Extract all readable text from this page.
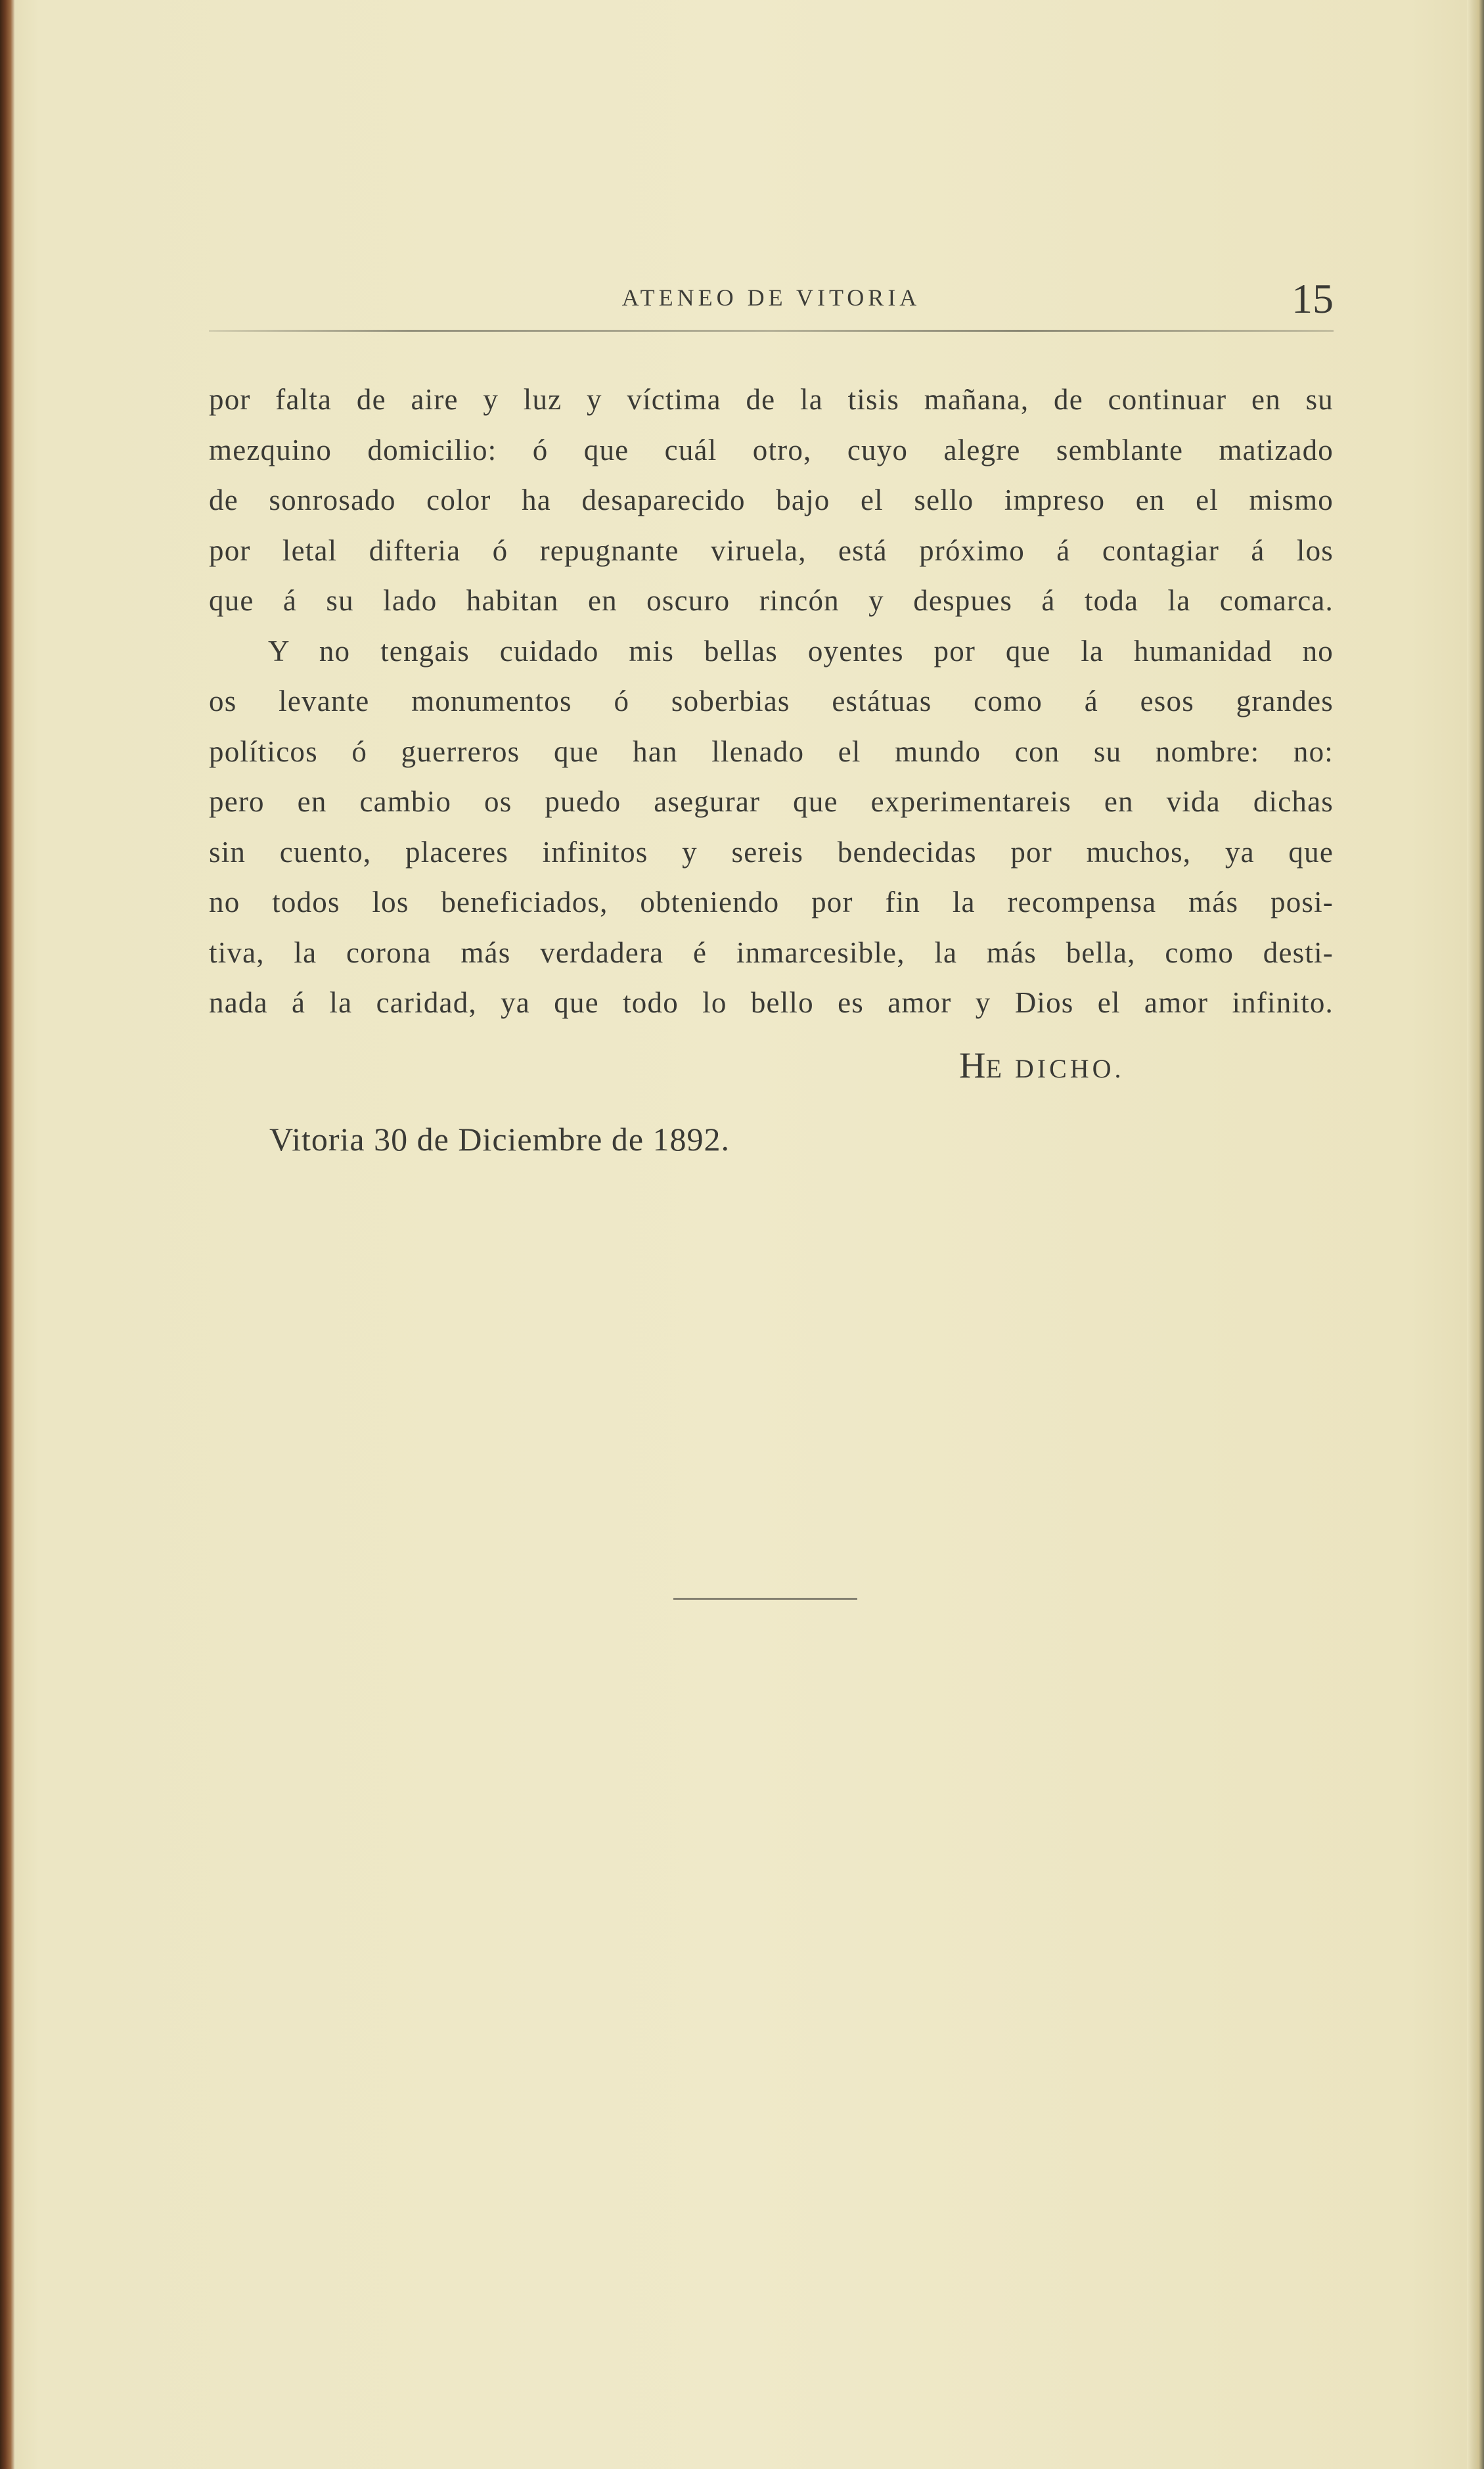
ATENEO DE VITORIA	15

por falta de aire y luz y víctima de la tisis mañana, de continuar en su

mezquino domicilio: ó que cuál otro, cuyo alegre semblante matizado

de sonrosado color ha desaparecido bajo el sello impreso en el mismo

por letal difteria ó repugnante viruela, está próximo á contagiar á los

que á su lado habitan en oscuro rincón y despues á toda la comarca.

Y no tengais cuidado mis bellas oyentes por que la humanidad no

os levante monumentos ó soberbias estátuas como á esos grandes

políticos ó guerreros que han llenado el mundo con su nombre: no:

pero en cambio os puedo asegurar que experimentareis en vida dichas

sin cuento, placeres infinitos y sereis bendecidas por muchos, ya que

no todos los beneficiados, obteniendo por fin la recompensa más posi-

tiva, la corona más verdadera é inmarcesible, la más bella, como desti-

nada á la caridad, ya que todo lo bello es amor y Dios el amor infinito.

HE DICHO.
Vitoria 30 de Diciembre de 1892.
